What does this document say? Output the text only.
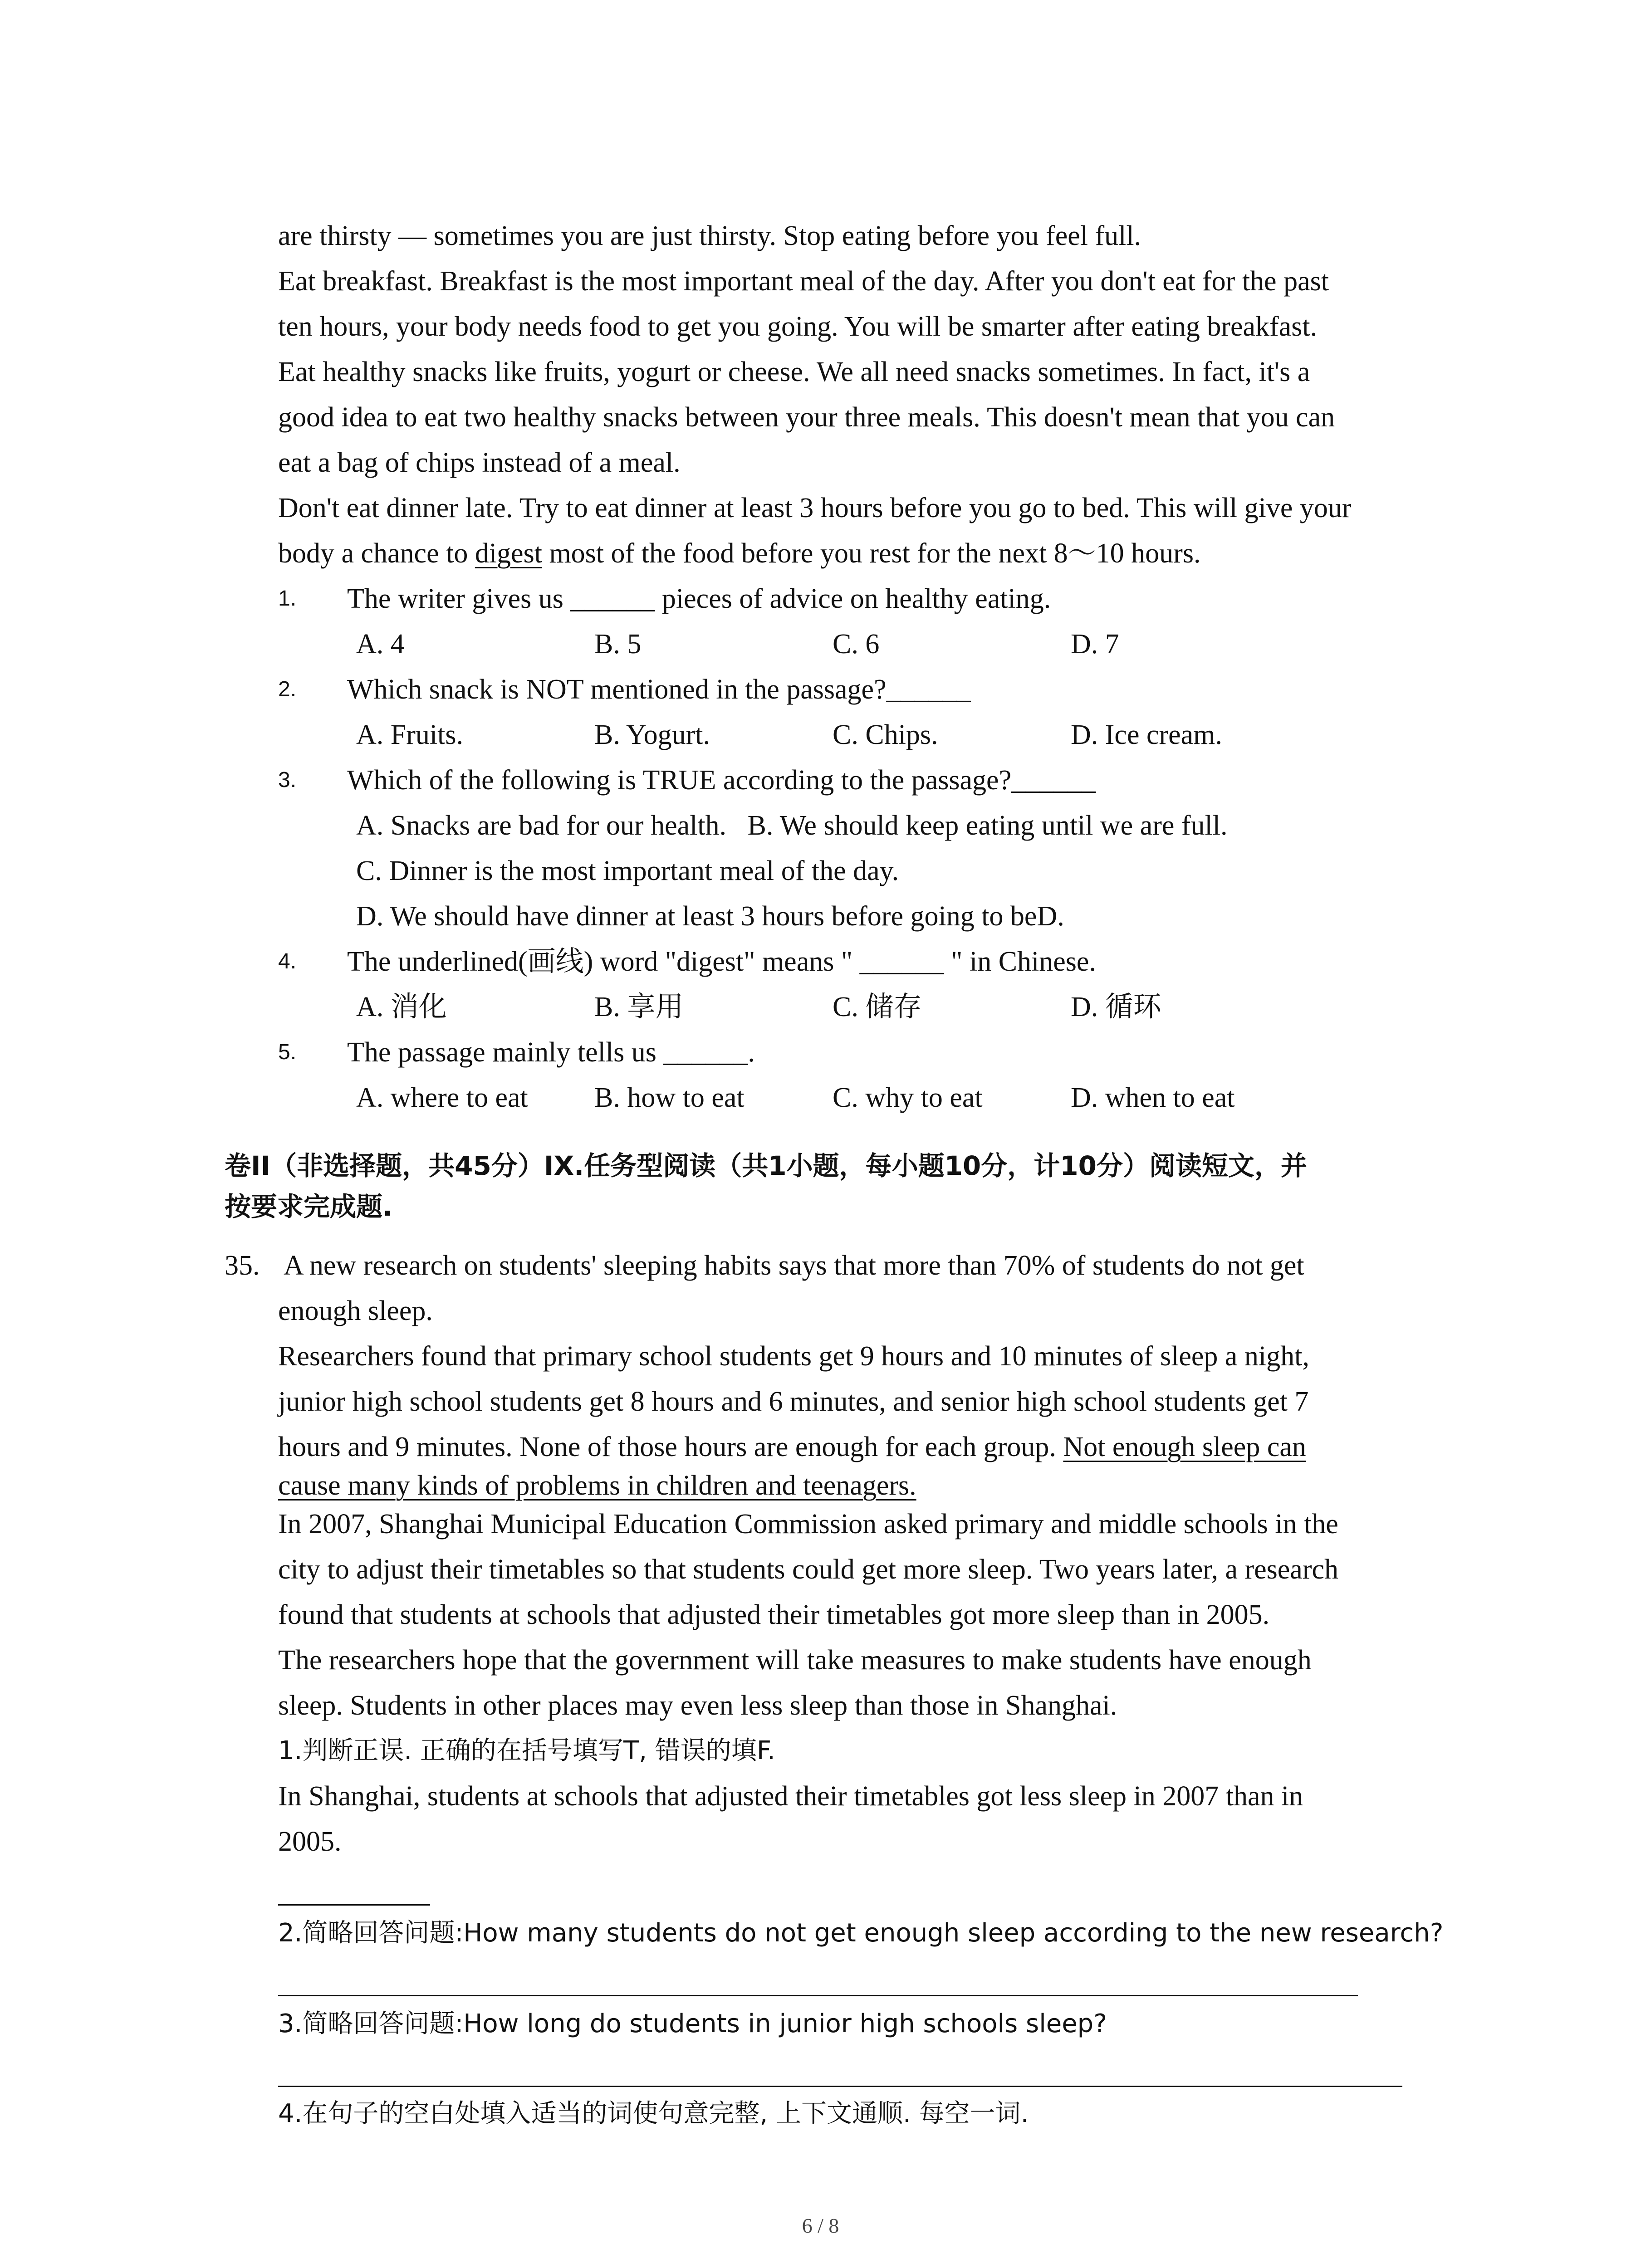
are thirsty — sometimes you are just thirsty. Stop eating before you feel full.
Eat breakfast. Breakfast is the most important meal of the day. After you don't eat for the past
ten hours, your body needs food to get you going. You will be smarter after eating breakfast.
Eat healthy snacks like fruits, yogurt or cheese. We all need snacks sometimes. In fact, it's a
good idea to eat two healthy snacks between your three meals. This doesn't mean that you can
eat a bag of chips instead of a meal.
Don't eat dinner late. Try to eat dinner at least 3 hours before you go to bed. This will give your
body a chance to digest most of the food before you rest for the next 8～10 hours.
1.	The writer gives us ______ pieces of advice on healthy eating.
A. 4	B. 5	C. 6	D. 7
2.	Which snack is NOT mentioned in the passage?______
A. Fruits.	B. Yogurt.	C. Chips.	D. Ice cream.
3.	Which of the following is TRUE according to the passage?______
A. Snacks are bad for our health.   B. We should keep eating until we are full.
C. Dinner is the most important meal of the day.
D. We should have dinner at least 3 hours before going to beD.
4.	The underlined(画线) word "digest" means " ______ " in Chinese.
A. 消化	B. 享用	C. 储存	D. 循环
5.	The passage mainly tells us ______.
A. where to eat B. how to eat	C. why to eat	D. when to eat
卷II（非选择题，共45分）IX.任务型阅读（共1小题，每小题10分，计10分）阅读短文，并
按要求完成题.
35. A new research on students' sleeping habits says that more than 70% of students do not get
enough sleep.
Researchers found that primary school students get 9 hours and 10 minutes of sleep a night,
junior high school students get 8 hours and 6 minutes, and senior high school students get 7
hours and 9 minutes. None of those hours are enough for each group. Not enough sleep can
cause many kinds of problems in children and teenagers.
In 2007, Shanghai Municipal Education Commission asked primary and middle schools in the
city to adjust their timetables so that students could get more sleep. Two years later, a research
found that students at schools that adjusted their timetables got more sleep than in 2005.
The researchers hope that the government will take measures to make students have enough
sleep. Students in other places may even less sleep than those in Shanghai.
1.判断正误. 正确的在括号填写T, 错误的填F.
In Shanghai, students at schools that adjusted their timetables got less sleep in 2007 than in
2005.
2.简略回答问题:How many students do not get enough sleep according to the new research?
3.简略回答问题:How long do students in junior high schools sleep?
4.在句子的空白处填入适当的词使句意完整, 上下文通顺. 每空一词.
6 / 8
